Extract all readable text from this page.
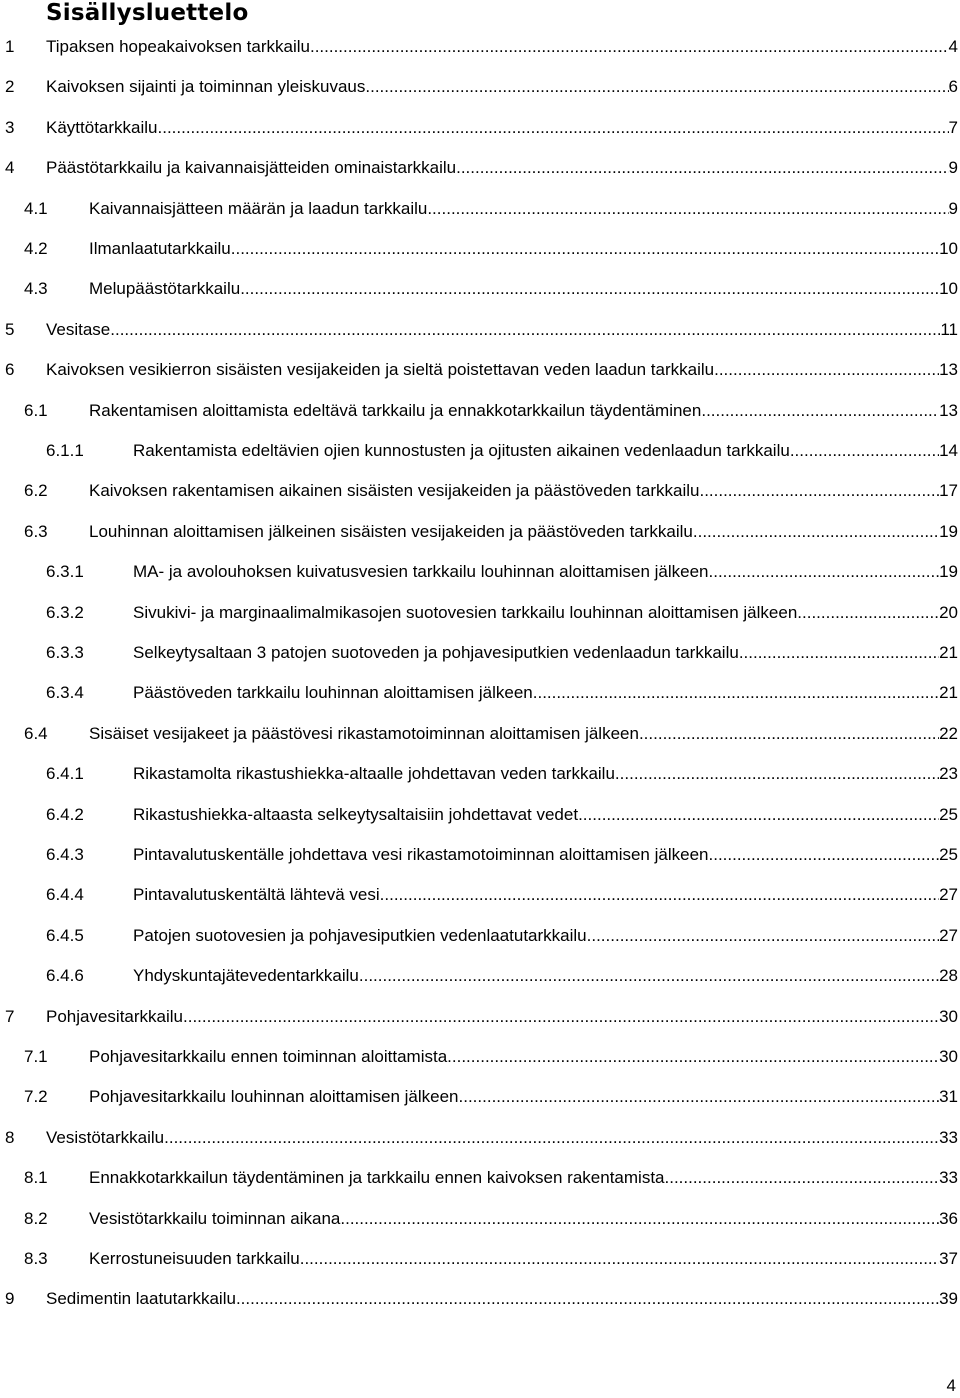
Sisällysluettelo
1 Tipaksen hopeakaivoksen tarkkailu .....	4
2 Kaivoksen sijainti ja toiminnan yleiskuvaus .....	6
3 Käyttötarkkailu .....	7
4 Päästötarkkailu ja kaivannaisjätteiden ominaistarkkailu .....	9
4.1 Kaivannaisjätteen määrän ja laadun tarkkailu .....	9
4.2 Ilmanlaatutarkkailu .....	10
4.3 Melupäästötarkkailu .....	10
5 Vesitase .....	11
6 Kaivoksen vesikierron sisäisten vesijakeiden ja sieltä poistettavan veden laadun tarkkailu .....	13
6.1 Rakentamisen aloittamista edeltävä tarkkailu ja ennakkotarkkailun täydentäminen .....	13
6.1.1	Rakentamista edeltävien ojien kunnostusten ja ojitusten aikainen vedenlaadun tarkkailu .....	14
6.2 Kaivoksen rakentamisen aikainen sisäisten vesijakeiden ja päästöveden tarkkailu .....	17
6.3 Louhinnan aloittamisen jälkeinen sisäisten vesijakeiden ja päästöveden tarkkailu .....	19
6.3.1	MA- ja avolouhoksen kuivatusvesien tarkkailu louhinnan aloittamisen jälkeen .....	19
6.3.2	Sivukivi- ja marginaalimalmikasojen suotovesien tarkkailu louhinnan aloittamisen jälkeen .....	20
6.3.3	Selkeytysaltaan 3 patojen suotoveden ja pohjavesiputkien vedenlaadun tarkkailu .....	21
6.3.4	Päästöveden tarkkailu louhinnan aloittamisen jälkeen .....	21
6.4 Sisäiset vesijakeet ja päästövesi rikastamotoiminnan aloittamisen jälkeen .....	22
6.4.1	Rikastamolta rikastushiekka-altaalle johdettavan veden tarkkailu .....	23
6.4.2	Rikastushiekka-altaasta selkeytysaltaisiin johdettavat vedet .....	25
6.4.3	Pintavalutuskentälle johdettava vesi rikastamotoiminnan aloittamisen jälkeen. .....	25
6.4.4	Pintavalutuskentältä lähtevä vesi .....	27
6.4.5	Patojen suotovesien ja pohjavesiputkien vedenlaatutarkkailu .....	27
6.4.6	Yhdyskuntajätevedentarkkailu .....	28
7 Pohjavesitarkkailu .....	30
7.1 Pohjavesitarkkailu ennen toiminnan aloittamista .....	30
7.2 Pohjavesitarkkailu louhinnan aloittamisen jälkeen .....	31
8 Vesistötarkkailu .....	33
8.1 Ennakkotarkkailun täydentäminen ja tarkkailu ennen kaivoksen rakentamista .....	33
8.2 Vesistötarkkailu toiminnan aikana .....	36
8.3 Kerrostuneisuuden tarkkailu .....	37
9 Sedimentin laatutarkkailu .....	39
4
